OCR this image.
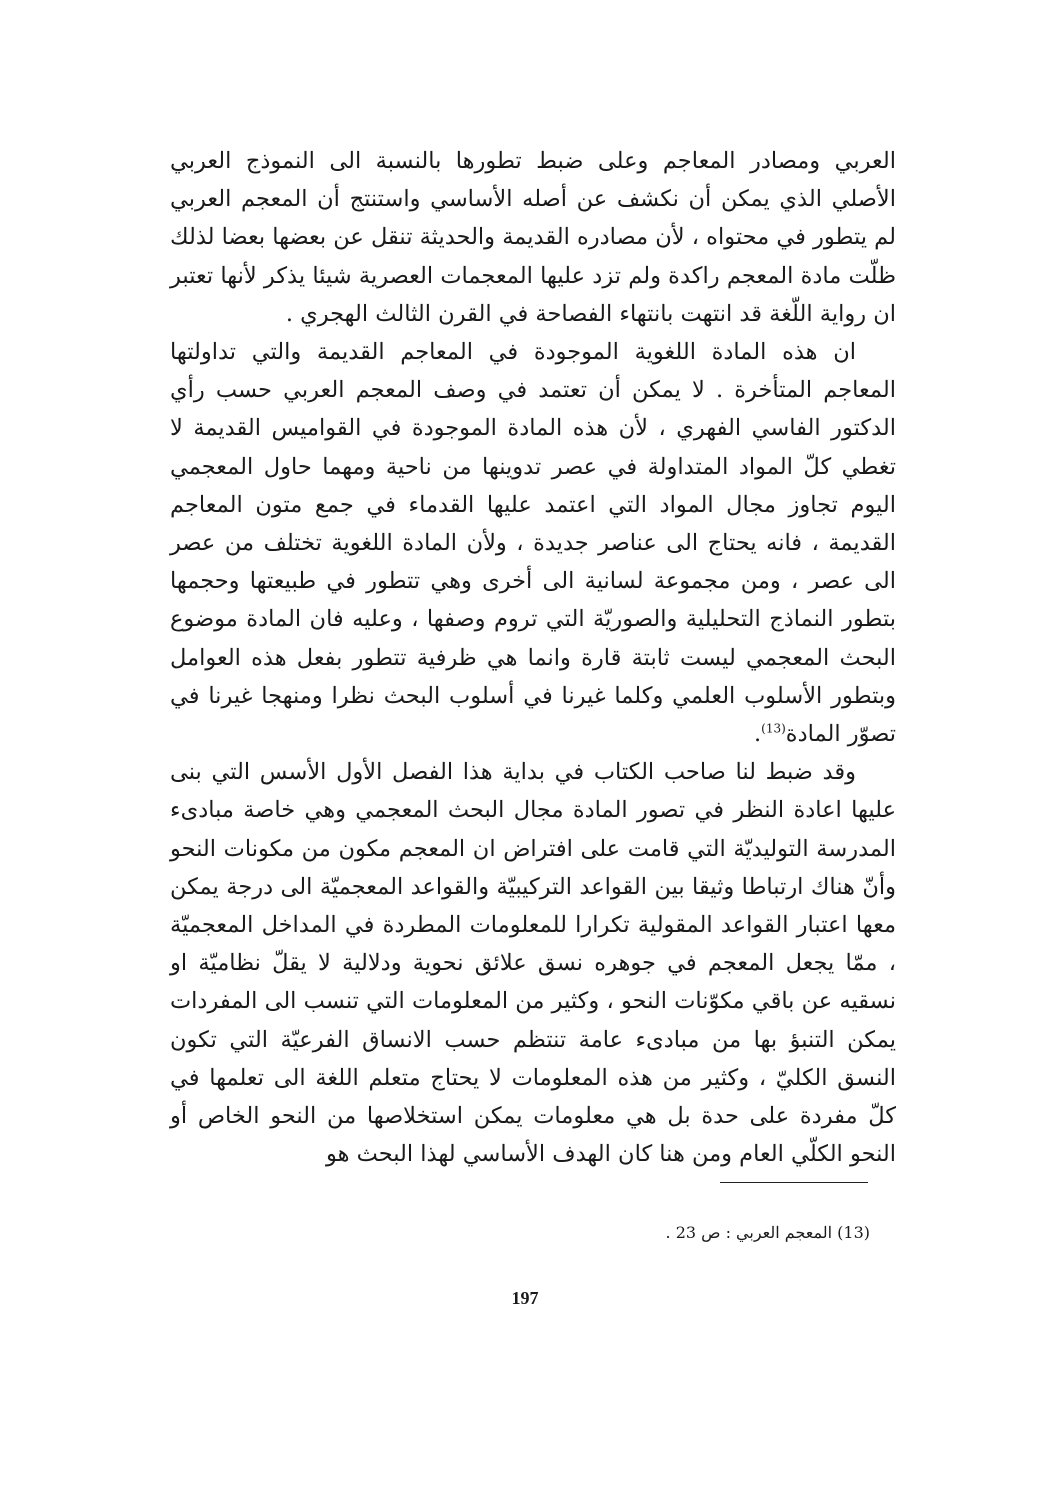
العربي ومصادر المعاجم وعلى ضبط تطورها بالنسبة الى النموذج العربي الأصلي الذي يمكن أن نكشف عن أصله الأساسي واستنتج أن المعجم العربي لم يتطور في محتواه ، لأن مصادره القديمة والحديثة تنقل عن بعضها بعضا لذلك ظلّت مادة المعجم راكدة ولم تزد عليها المعجمات العصرية شيئا يذكر لأنها تعتبر ان رواية اللّغة قد انتهت بانتهاء الفصاحة في القرن الثالث الهجري .

ان هذه المادة اللغوية الموجودة في المعاجم القديمة والتي تداولتها المعاجم المتأخرة . لا يمكن أن تعتمد في وصف المعجم العربي حسب رأي الدكتور الفاسي الفهري ، لأن هذه المادة الموجودة في القواميس القديمة لا تغطي كلّ المواد المتداولة في عصر تدوينها من ناحية ومهما حاول المعجمي اليوم تجاوز مجال المواد التي اعتمد عليها القدماء في جمع متون المعاجم القديمة ، فانه يحتاج الى عناصر جديدة ، ولأن المادة اللغوية تختلف من عصر الى عصر ، ومن مجموعة لسانية الى أخرى وهي تتطور في طبيعتها وحجمها بتطور النماذج التحليلية والصوريّة التي تروم وصفها ، وعليه فان المادة موضوع البحث المعجمي ليست ثابتة قارة وانما هي ظرفية تتطور بفعل هذه العوامل وبتطور الأسلوب العلمي وكلما غيرنا في أسلوب البحث نظرا ومنهجا غيرنا في تصوّر المادة$^{(13)}$.

وقد ضبط لنا صاحب الكتاب في بداية هذا الفصل الأول الأسس التي بنى عليها اعادة النظر في تصور المادة مجال البحث المعجمي وهي خاصة مبادىء المدرسة التوليديّة التي قامت على افتراض ان المعجم مكون من مكونات النحو وأنّ هناك ارتباطا وثيقا بين القواعد التركيبيّة والقواعد المعجميّة الى درجة يمكن معها اعتبار القواعد المقولية تكرارا للمعلومات المطردة في المداخل المعجميّة ، ممّا يجعل المعجم في جوهره نسق علائق نحوية ودلالية لا يقلّ نظاميّة او نسقيه عن باقي مكوّنات النحو ، وكثير من المعلومات التي تنسب الى المفردات يمكن التنبؤ بها من مبادىء عامة تنتظم حسب الانساق الفرعيّة التي تكون النسق الكليّ ، وكثير من هذه المعلومات لا يحتاج متعلم اللغة الى تعلمها في كلّ مفردة على حدة بل هي معلومات يمكن استخلاصها من النحو الخاص أو النحو الكلّي العام ومن هنا كان الهدف الأساسي لهذا البحث هو

(13) المعجم العربي : ص 23 .
197
